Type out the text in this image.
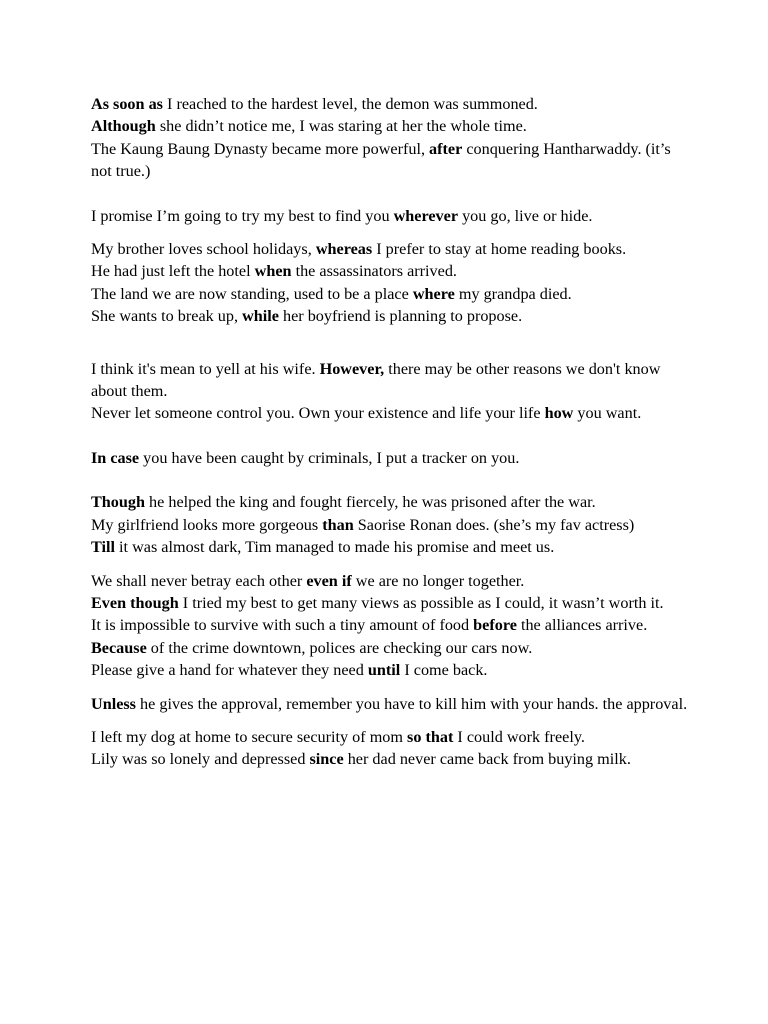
As soon as I reached to the hardest level, the demon was summoned.

Although she didn’t notice me, I was staring at her the whole time.

The Kaung Baung Dynasty became more powerful, after conquering Hantharwaddy. (it’s not true.)

I promise I’m going to try my best to find you wherever you go, live or hide.

My brother loves school holidays, whereas I prefer to stay at home reading books.

He had just left the hotel when the assassinators arrived.

The land we are now standing, used to be a place where my grandpa died.

She wants to break up, while her boyfriend is planning to propose.

I think it's mean to yell at his wife. However, there may be other reasons we don't know about them.

Never let someone control you. Own your existence and life your life how you want.

In case you have been caught by criminals, I put a tracker on you.

Though he helped the king and fought fiercely, he was prisoned after the war.

My girlfriend looks more gorgeous than Saorise Ronan does. (she’s my fav actress)

Till it was almost dark, Tim managed to made his promise and meet us.

We shall never betray each other even if we are no longer together.

Even though I tried my best to get many views as possible as I could, it wasn’t worth it.

It is impossible to survive with such a tiny amount of food before the alliances arrive.

Because of the crime downtown, polices are checking our cars now.

Please give a hand for whatever they need until I come back.

Unless he gives the approval, remember you have to kill him with your hands. the approval.

I left my dog at home to secure security of mom so that I could work freely.

Lily was so lonely and depressed since her dad never came back from buying milk.
